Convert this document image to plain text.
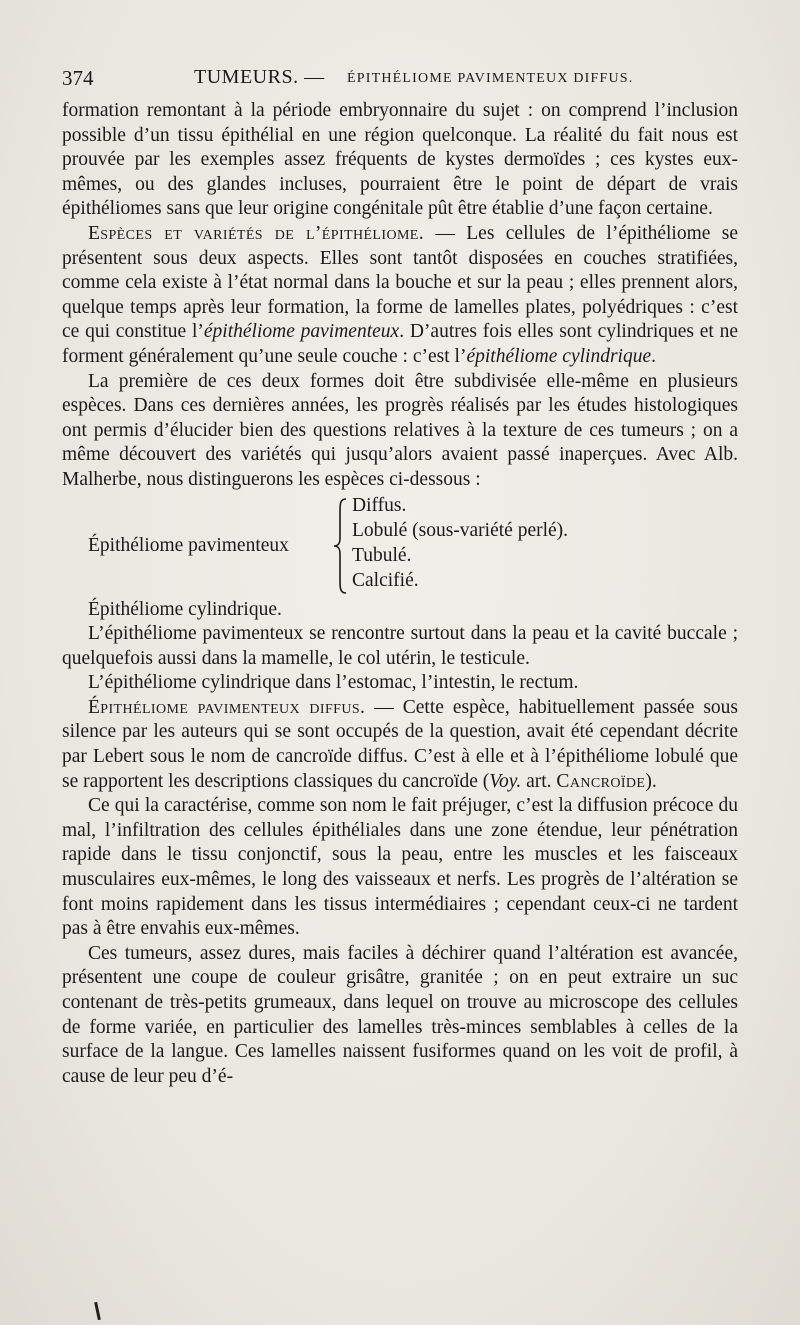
374	TUMEURS. — ÉPITHÉLIOME PAVIMENTEUX DIFFUS.

formation remontant à la période embryonnaire du sujet : on comprend l’inclusion possible d’un tissu épithélial en une région quelconque. La réalité du fait nous est prouvée par les exemples assez fréquents de kystes dermoïdes ; ces kystes eux-mêmes, ou des glandes incluses, pourraient être le point de départ de vrais épithéliomes sans que leur origine congénitale pût être établie d’une façon certaine.

Espèces et variétés de l’épithéliome. — Les cellules de l’épithéliome se présentent sous deux aspects. Elles sont tantôt disposées en couches stratifiées, comme cela existe à l’état normal dans la bouche et sur la peau ; elles prennent alors, quelque temps après leur formation, la forme de lamelles plates, polyédriques : c’est ce qui constitue l’épithéliome pavimenteux. D’autres fois elles sont cylindriques et ne forment généralement qu’une seule couche : c’est l’épithéliome cylindrique.

La première de ces deux formes doit être subdivisée elle-même en plusieurs espèces. Dans ces dernières années, les progrès réalisés par les études histologiques ont permis d’élucider bien des questions relatives à la texture de ces tumeurs ; on a même découvert des variétés qui jusqu’alors avaient passé inaperçues. Avec Alb. Malherbe, nous distinguerons les espèces ci-dessous :

Épithéliome pavimenteux
Diffus.
Lobulé (sous-variété perlé).
Tubulé.
Calcifié.

Épithéliome cylindrique.

L’épithéliome pavimenteux se rencontre surtout dans la peau et la cavité buccale ; quelquefois aussi dans la mamelle, le col utérin, le testicule.

L’épithéliome cylindrique dans l’estomac, l’intestin, le rectum.

Épithéliome pavimenteux diffus. — Cette espèce, habituellement passée sous silence par les auteurs qui se sont occupés de la question, avait été cependant décrite par Lebert sous le nom de cancroïde diffus. C’est à elle et à l’épithéliome lobulé que se rapportent les descriptions classiques du cancroïde (Voy. art. Cancroïde).

Ce qui la caractérise, comme son nom le fait préjuger, c’est la diffusion précoce du mal, l’infiltration des cellules épithéliales dans une zone étendue, leur pénétration rapide dans le tissu conjonctif, sous la peau, entre les muscles et les faisceaux musculaires eux-mêmes, le long des vaisseaux et nerfs. Les progrès de l’altération se font moins rapidement dans les tissus intermédiaires ; cependant ceux-ci ne tardent pas à être envahis eux-mêmes.

Ces tumeurs, assez dures, mais faciles à déchirer quand l’altération est avancée, présentent une coupe de couleur grisâtre, granitée ; on en peut extraire un suc contenant de très-petits grumeaux, dans lequel on trouve au microscope des cellules de forme variée, en particulier des lamelles très-minces semblables à celles de la surface de la langue. Ces lamelles naissent fusiformes quand on les voit de profil, à cause de leur peu d’é-
